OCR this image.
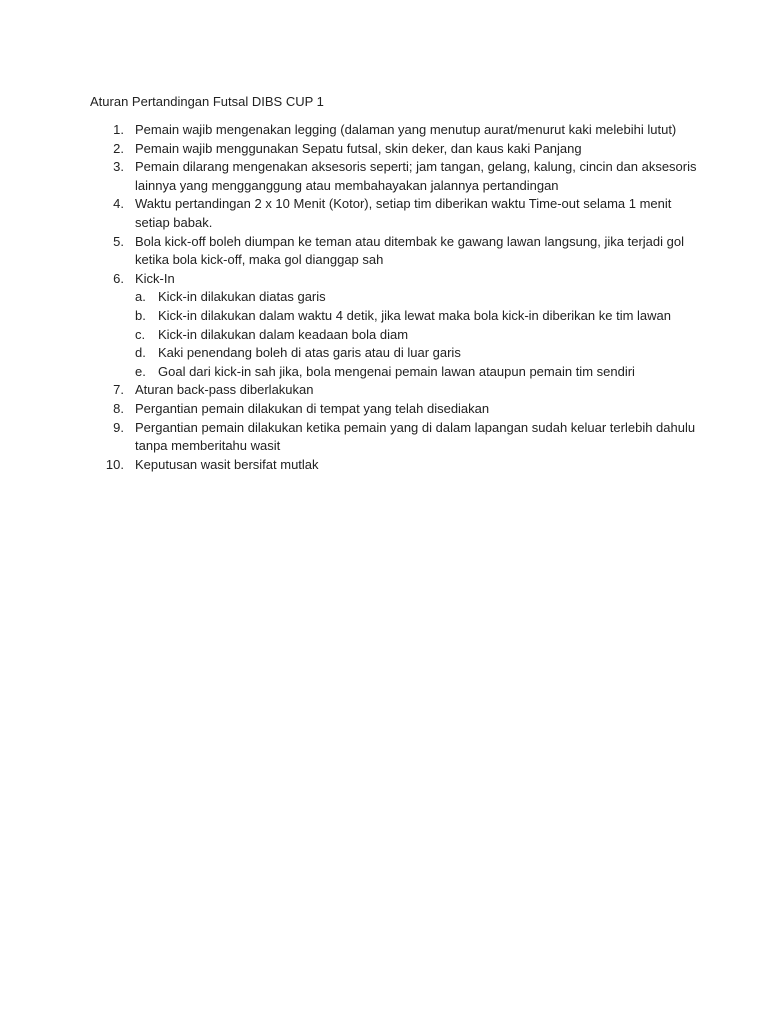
Aturan Pertandingan Futsal DIBS CUP 1
1. Pemain wajib mengenakan legging (dalaman yang menutup aurat/menurut kaki melebihi lutut)
2. Pemain wajib menggunakan Sepatu futsal, skin deker, dan kaus kaki Panjang
3. Pemain dilarang mengenakan aksesoris seperti; jam tangan, gelang, kalung, cincin dan aksesoris lainnya yang mengganggung atau membahayakan jalannya pertandingan
4. Waktu pertandingan 2 x 10 Menit (Kotor), setiap tim diberikan waktu Time-out selama 1 menit setiap babak.
5. Bola kick-off boleh diumpan ke teman atau ditembak ke gawang lawan langsung, jika terjadi gol ketika bola kick-off, maka gol dianggap sah
6. Kick-In
a. Kick-in dilakukan diatas garis
b. Kick-in dilakukan dalam waktu 4 detik, jika lewat maka bola kick-in diberikan ke tim lawan
c. Kick-in dilakukan dalam keadaan bola diam
d. Kaki penendang boleh di atas garis atau di luar garis
e. Goal dari kick-in sah jika, bola mengenai pemain lawan ataupun pemain tim sendiri
7. Aturan back-pass diberlakukan
8. Pergantian pemain dilakukan di tempat yang telah disediakan
9. Pergantian pemain dilakukan ketika pemain yang di dalam lapangan sudah keluar terlebih dahulu tanpa memberitahu wasit
10. Keputusan wasit bersifat mutlak
